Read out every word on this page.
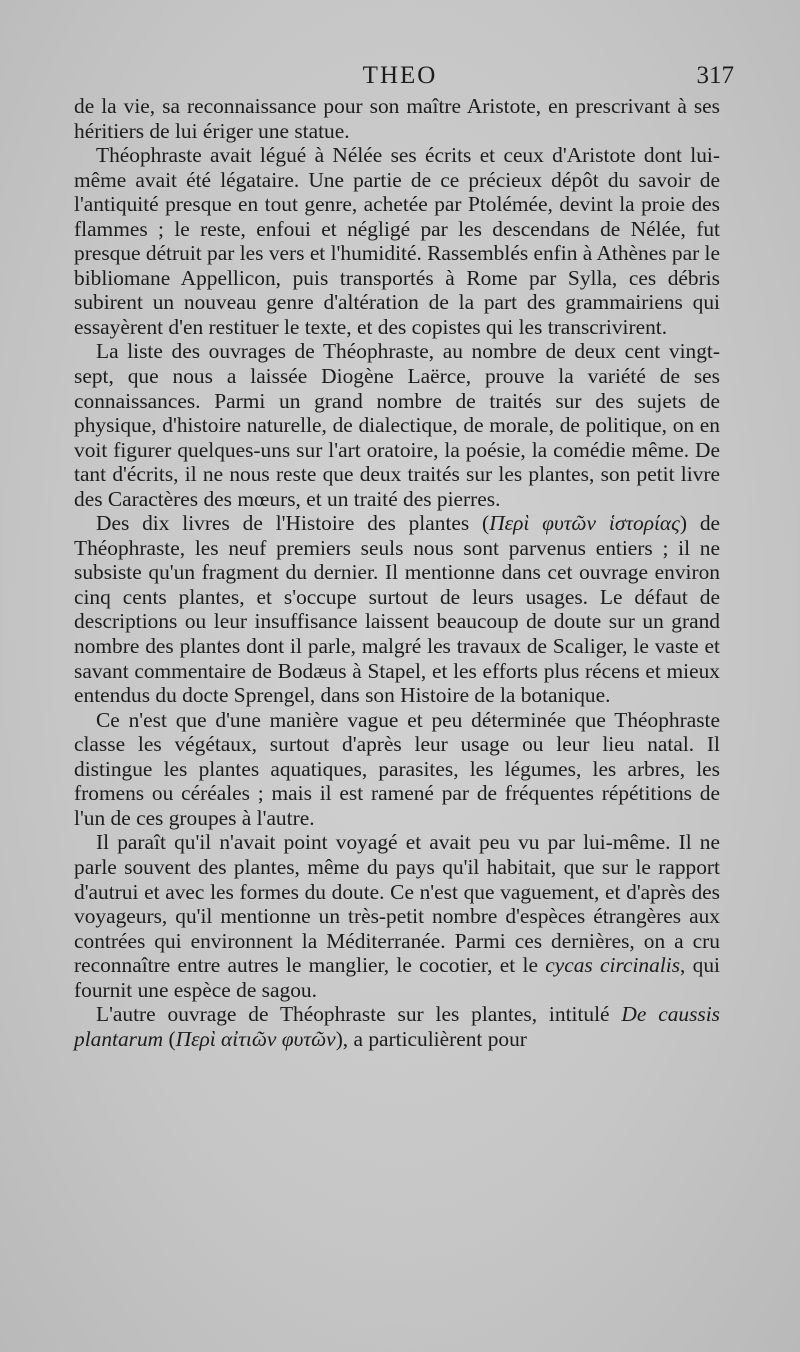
THEO	317

de la vie, sa reconnaissance pour son maître Aristote, en prescrivant à ses héritiers de lui ériger une statue.

Théophraste avait légué à Nélée ses écrits et ceux d'Aristote dont lui-même avait été légataire. Une partie de ce précieux dépôt du savoir de l'antiquité presque en tout genre, achetée par Ptolémée, devint la proie des flammes ; le reste, enfoui et négligé par les descendans de Nélée, fut presque détruit par les vers et l'humidité. Rassemblés enfin à Athènes par le bibliomane Appellicon, puis transportés à Rome par Sylla, ces débris subirent un nouveau genre d'altération de la part des grammairiens qui essayèrent d'en restituer le texte, et des copistes qui les transcrivirent.

La liste des ouvrages de Théophraste, au nombre de deux cent vingt-sept, que nous a laissée Diogène Laërce, prouve la variété de ses connaissances. Parmi un grand nombre de traités sur des sujets de physique, d'histoire naturelle, de dialectique, de morale, de politique, on en voit figurer quelques-uns sur l'art oratoire, la poésie, la comédie même. De tant d'écrits, il ne nous reste que deux traités sur les plantes, son petit livre des Caractères des mœurs, et un traité des pierres.

Des dix livres de l'Histoire des plantes (Περὶ φυτῶν ἱστορίας) de Théophraste, les neuf premiers seuls nous sont parvenus entiers ; il ne subsiste qu'un fragment du dernier. Il mentionne dans cet ouvrage environ cinq cents plantes, et s'occupe surtout de leurs usages. Le défaut de descriptions ou leur insuffisance laissent beaucoup de doute sur un grand nombre des plantes dont il parle, malgré les travaux de Scaliger, le vaste et savant commentaire de Bodæus à Stapel, et les efforts plus récens et mieux entendus du docte Sprengel, dans son Histoire de la botanique.

Ce n'est que d'une manière vague et peu déterminée que Théophraste classe les végétaux, surtout d'après leur usage ou leur lieu natal. Il distingue les plantes aquatiques, parasites, les légumes, les arbres, les fromens ou céréales ; mais il est ramené par de fréquentes répétitions de l'un de ces groupes à l'autre.

Il paraît qu'il n'avait point voyagé et avait peu vu par lui-même. Il ne parle souvent des plantes, même du pays qu'il habitait, que sur le rapport d'autrui et avec les formes du doute. Ce n'est que vaguement, et d'après des voyageurs, qu'il mentionne un très-petit nombre d'espèces étrangères aux contrées qui environnent la Méditerranée. Parmi ces dernières, on a cru reconnaître entre autres le manglier, le cocotier, et le cycas circinalis, qui fournit une espèce de sagou.

L'autre ouvrage de Théophraste sur les plantes, intitulé De caussis plantarum (Περὶ αἰτιῶν φυτῶν), a particulièrent pour
